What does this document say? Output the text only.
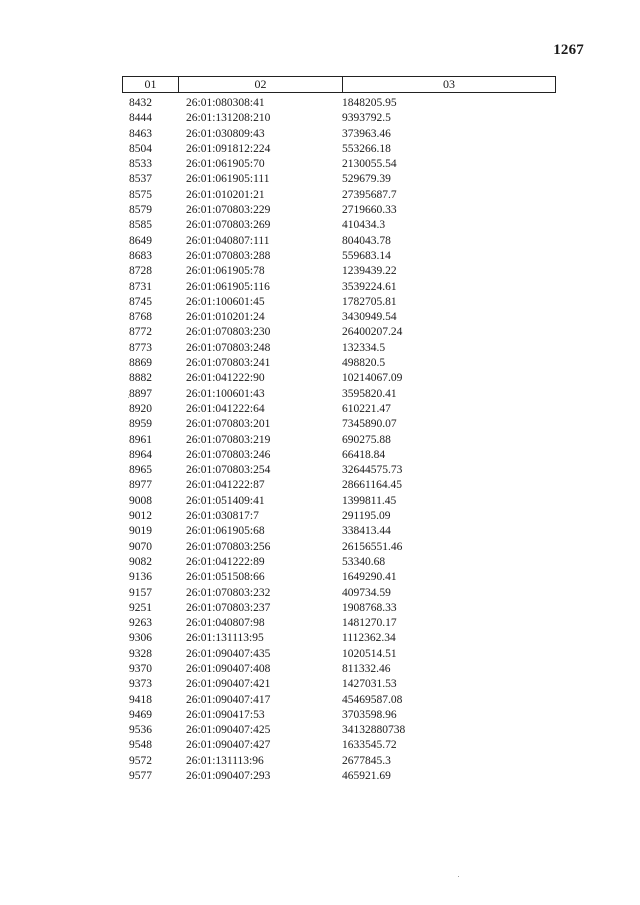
1267
01	02	03
8432	26:01:080308:41	1848205.95
8444	26:01:131208:210	9393792.5
8463	26:01:030809:43	373963.46
8504	26:01:091812:224	553266.18
8533	26:01:061905:70	2130055.54
8537	26:01:061905:111	529679.39
8575	26:01:010201:21	27395687.7
8579	26:01:070803:229	2719660.33
8585	26:01:070803:269	410434.3
8649	26:01:040807:111	804043.78
8683	26:01:070803:288	559683.14
8728	26:01:061905:78	1239439.22
8731	26:01:061905:116	3539224.61
8745	26:01:100601:45	1782705.81
8768	26:01:010201:24	3430949.54
8772	26:01:070803:230	26400207.24
8773	26:01:070803:248	132334.5
8869	26:01:070803:241	498820.5
8882	26:01:041222:90	10214067.09
8897	26:01:100601:43	3595820.41
8920	26:01:041222:64	610221.47
8959	26:01:070803:201	7345890.07
8961	26:01:070803:219	690275.88
8964	26:01:070803:246	66418.84
8965	26:01:070803:254	32644575.73
8977	26:01:041222:87	28661164.45
9008	26:01:051409:41	1399811.45
9012	26:01:030817:7	291195.09
9019	26:01:061905:68	338413.44
9070	26:01:070803:256	26156551.46
9082	26:01:041222:89	53340.68
9136	26:01:051508:66	1649290.41
9157	26:01:070803:232	409734.59
9251	26:01:070803:237	1908768.33
9263	26:01:040807:98	1481270.17
9306	26:01:131113:95	1112362.34
9328	26:01:090407:435	1020514.51
9370	26:01:090407:408	811332.46
9373	26:01:090407:421	1427031.53
9418	26:01:090407:417	45469587.08
9469	26:01:090417:53	3703598.96
9536	26:01:090407:425	34132880738
9548	26:01:090407:427	1633545.72
9572	26:01:131113:96	2677845.3
9577	26:01:090407:293	465921.69
